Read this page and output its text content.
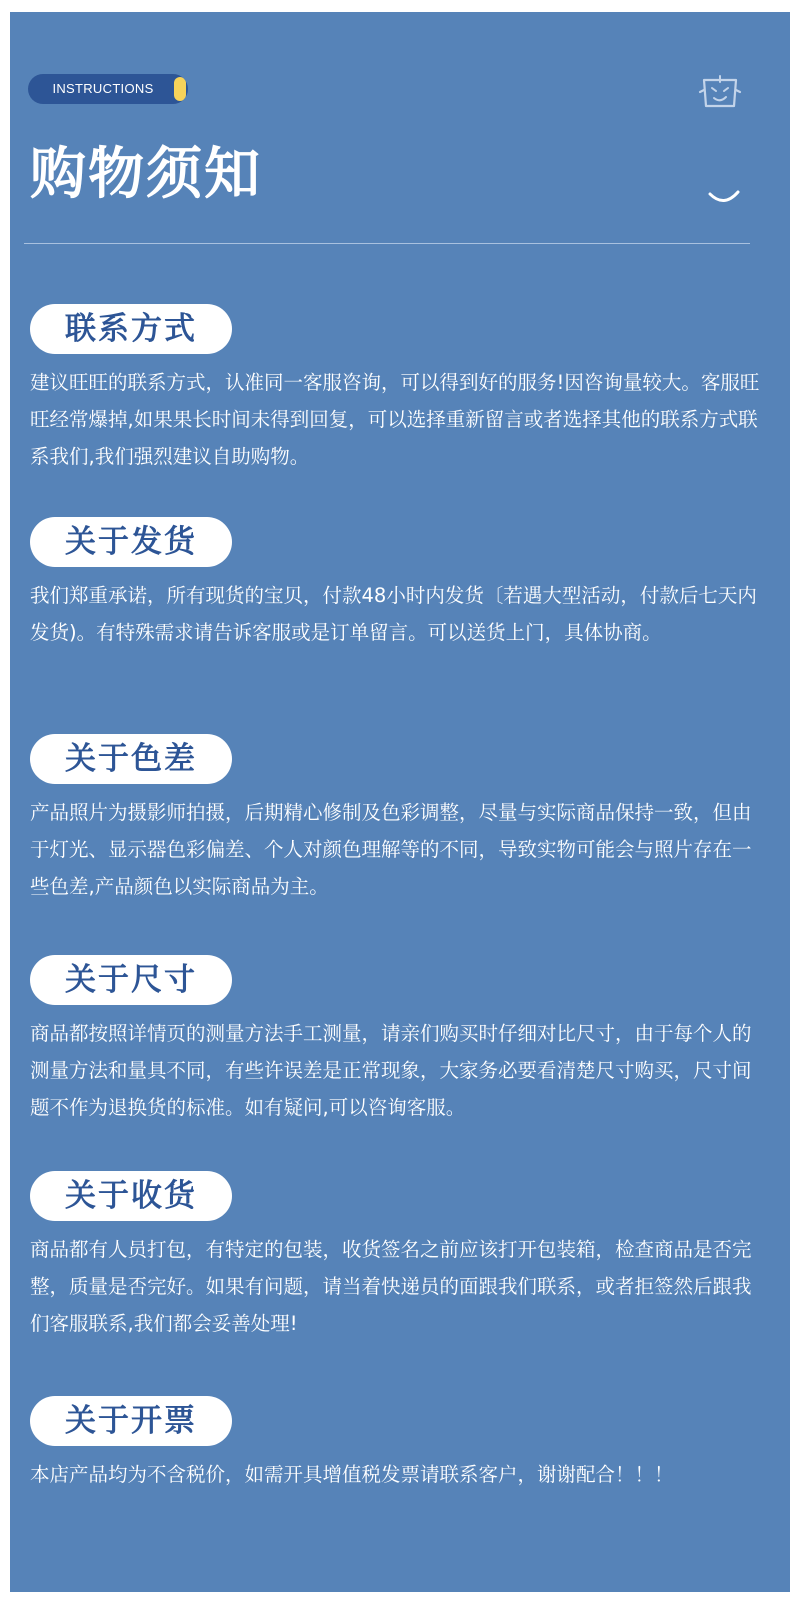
INSTRUCTIONS
购物须知
联系方式

建议旺旺的联系方式，认准同一客服咨询，可以得到好的服务!因咨询量较大。客服旺旺经常爆掉,如果果长时间未得到回复，可以选择重新留言或者选择其他的联系方式联系我们,我们强烈建议自助购物。

关于发货

我们郑重承诺，所有现货的宝贝，付款48小时内发货〔若遇大型活动，付款后七天内发货)。有特殊需求请告诉客服或是订单留言。可以送货上门，具体协商。

关于色差

产品照片为摄影师拍摄，后期精心修制及色彩调整，尽量与实际商品保持一致，但由于灯光、显示器色彩偏差、个人对颜色理解等的不同，导致实物可能会与照片存在一些色差,产品颜色以实际商品为主。

关于尺寸

商品都按照详情页的测量方法手工测量，请亲们购买时仔细对比尺寸，由于每个人的测量方法和量具不同，有些许误差是正常现象，大家务必要看清楚尺寸购买，尺寸间题不作为退换货的标准。如有疑问,可以咨询客服。

关于收货

商品都有人员打包，有特定的包装，收货签名之前应该打开包装箱，检查商品是否完整，质量是否完好。如果有问题，请当着快递员的面跟我们联系，或者拒签然后跟我们客服联系,我们都会妥善处理!

关于开票

本店产品均为不含税价，如需开具增值税发票请联系客户，谢谢配合！！！
